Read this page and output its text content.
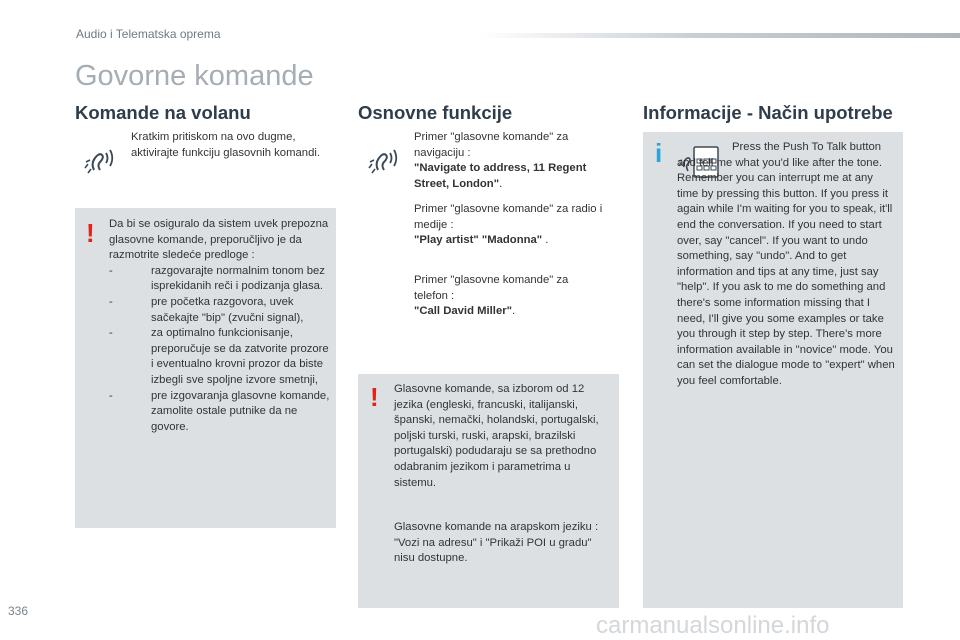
Audio i Telematska oprema
Govorne komande
Komande na volanu
Kratkim pritiskom na ovo dugme, aktivirajte funkciju glasovnih komandi.
! Da bi se osiguralo da sistem uvek prepozna glasovne komande, preporučljivo je da razmotrite sledeće predloge :
-	razgovarajte normalnim tonom bez isprekidanih reči i podizanja glasa.
-	pre početka razgovora, uvek sačekajte "bip" (zvučni signal),
-	za optimalno funkcionisanje, preporučuje se da zatvorite prozore i eventualno krovni prozor da biste izbegli sve spoljne izvore smetnji,
-	pre izgovaranja glasovne komande, zamolite ostale putnike da ne govore.
Osnovne funkcije
Primer "glasovne komande" za navigaciju :
"Navigate to address, 11 Regent Street, London".
Primer "glasovne komande" za radio i medije :
"Play artist" "Madonna" .
Primer "glasovne komande" za telefon :
"Call David Miller".
! Glasovne komande, sa izborom od 12 jezika (engleski, francuski, italijanski, španski, nemački, holandski, portugalski, poljski turski, ruski, arapski, brazilski portugalski) podudaraju se sa prethodno odabranim jezikom i parametrima u sistemu.
Glasovne komande na arapskom jeziku : "Vozi na adresu" i "Prikaži POI u gradu" nisu dostupne.
Informacije - Način upotrebe
i	Press the Push To Talk button and tell me what you'd like after the tone. Remember you can interrupt me at any time by pressing this button. If you press it again while I'm waiting for you to speak, it'll end the conversation. If you need to start over, say "cancel". If you want to undo something, say "undo". And to get information and tips at any time, just say "help". If you ask to me do something and there's some information missing that I need, I'll give you some examples or take you through it step by step. There's more information available in "novice" mode. You can set the dialogue mode to "expert" when you feel comfortable.
336
carmanualsonline.info
